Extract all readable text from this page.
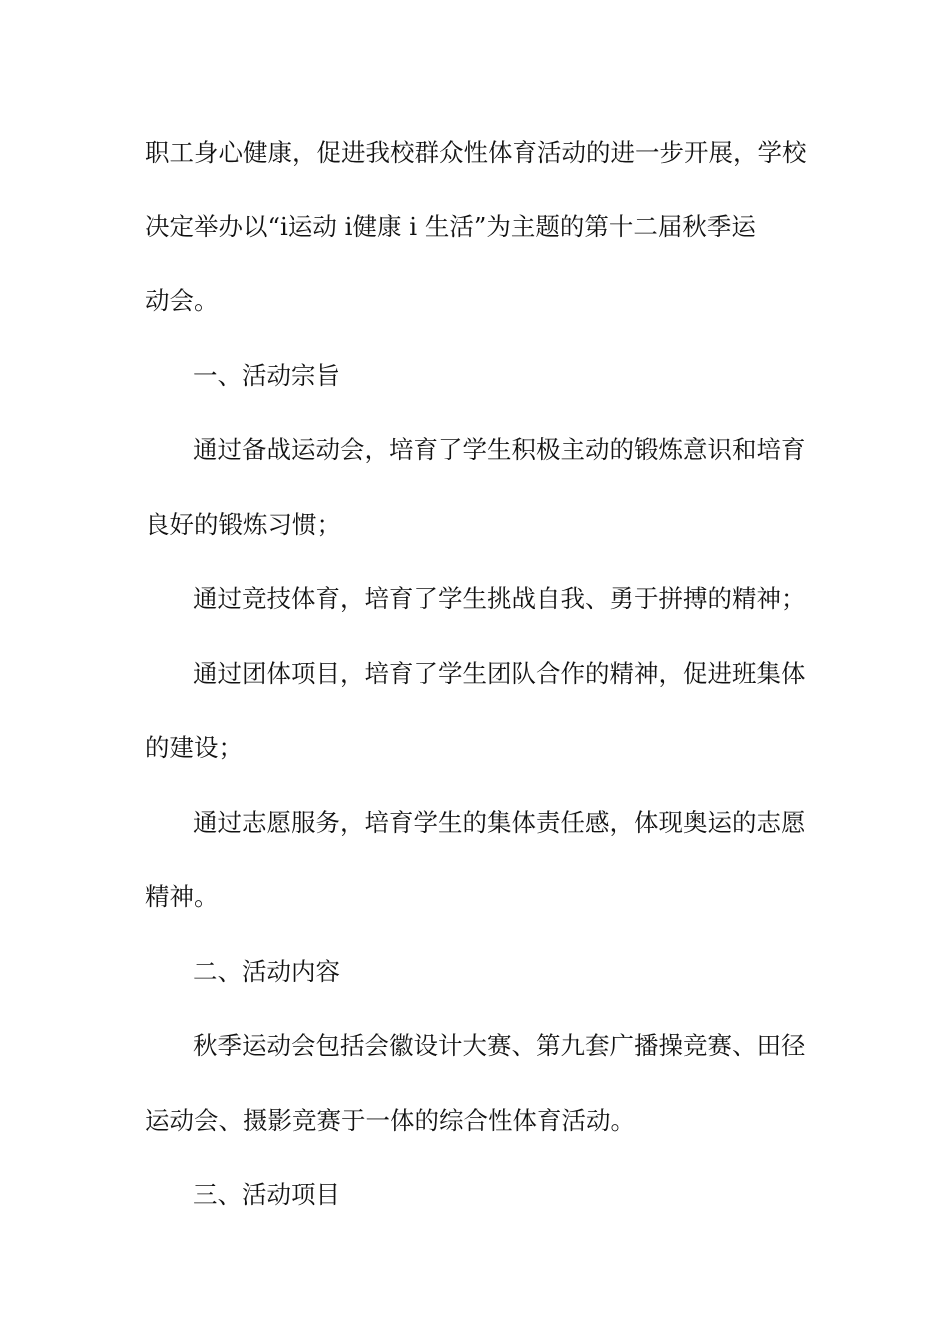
职工身心健康，促进我校群众性体育活动的进一步开展，学校
决定举办以“i运动 i健康 i 生活”为主题的第十二届秋季运
动会。
一、活动宗旨
通过备战运动会，培育了学生积极主动的锻炼意识和培育
良好的锻炼习惯；
通过竞技体育，培育了学生挑战自我、勇于拼搏的精神；
通过团体项目，培育了学生团队合作的精神，促进班集体
的建设；
通过志愿服务，培育学生的集体责任感，体现奥运的志愿
精神。
二、活动内容
秋季运动会包括会徽设计大赛、第九套广播操竞赛、田径
运动会、摄影竞赛于一体的综合性体育活动。
三、活动项目
